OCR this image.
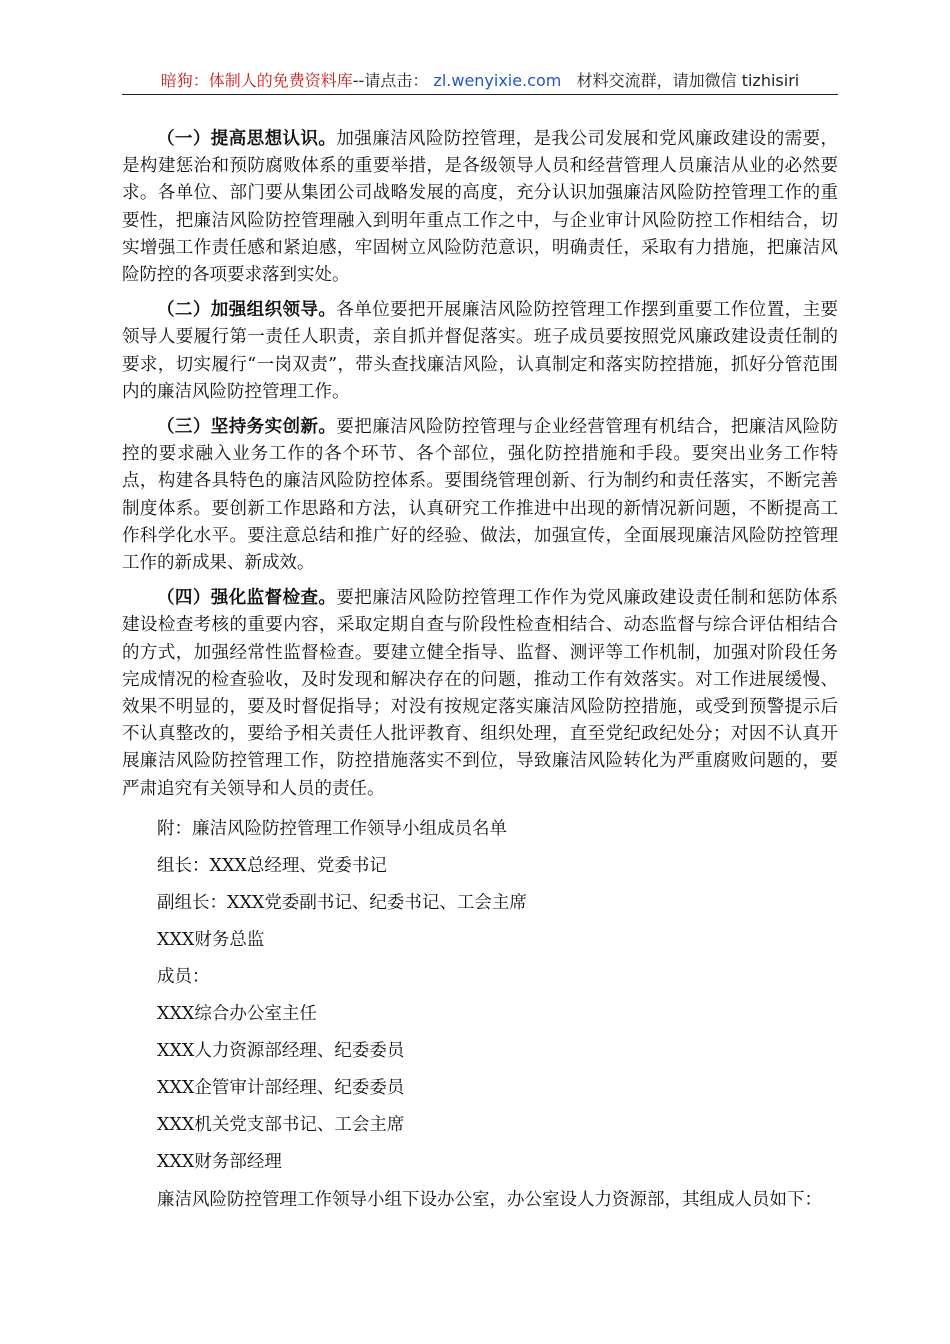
暗狗：体制人的免费资料库--请点击： zl.wenyixie.com 材料交流群，请加微信 tizhisiri

（一）提高思想认识。加强廉洁风险防控管理，是我公司发展和党风廉政建设的需要，是构建惩治和预防腐败体系的重要举措，是各级领导人员和经营管理人员廉洁从业的必然要求。各单位、部门要从集团公司战略发展的高度，充分认识加强廉洁风险防控管理工作的重要性，把廉洁风险防控管理融入到明年重点工作之中，与企业审计风险防控工作相结合，切实增强工作责任感和紧迫感，牢固树立风险防范意识，明确责任，采取有力措施，把廉洁风险防控的各项要求落到实处。

（二）加强组织领导。各单位要把开展廉洁风险防控管理工作摆到重要工作位置，主要领导人要履行第一责任人职责，亲自抓并督促落实。班子成员要按照党风廉政建设责任制的要求，切实履行“一岗双责”，带头查找廉洁风险，认真制定和落实防控措施，抓好分管范围内的廉洁风险防控管理工作。

（三）坚持务实创新。要把廉洁风险防控管理与企业经营管理有机结合，把廉洁风险防控的要求融入业务工作的各个环节、各个部位，强化防控措施和手段。要突出业务工作特点，构建各具特色的廉洁风险防控体系。要围绕管理创新、行为制约和责任落实，不断完善制度体系。要创新工作思路和方法，认真研究工作推进中出现的新情况新问题，不断提高工作科学化水平。要注意总结和推广好的经验、做法，加强宣传，全面展现廉洁风险防控管理工作的新成果、新成效。

（四）强化监督检查。要把廉洁风险防控管理工作作为党风廉政建设责任制和惩防体系建设检查考核的重要内容，采取定期自查与阶段性检查相结合、动态监督与综合评估相结合的方式，加强经常性监督检查。要建立健全指导、监督、测评等工作机制，加强对阶段任务完成情况的检查验收，及时发现和解决存在的问题，推动工作有效落实。对工作进展缓慢、效果不明显的，要及时督促指导；对没有按规定落实廉洁风险防控措施，或受到预警提示后不认真整改的，要给予相关责任人批评教育、组织处理，直至党纪政纪处分；对因不认真开展廉洁风险防控管理工作，防控措施落实不到位，导致廉洁风险转化为严重腐败问题的，要严肃追究有关领导和人员的责任。

附：廉洁风险防控管理工作领导小组成员名单

组长：XXX总经理、党委书记

副组长：XXX党委副书记、纪委书记、工会主席

XXX财务总监

成员：

XXX综合办公室主任

XXX人力资源部经理、纪委委员

XXX企管审计部经理、纪委委员

XXX机关党支部书记、工会主席

XXX财务部经理

廉洁风险防控管理工作领导小组下设办公室，办公室设人力资源部，其组成人员如下：
